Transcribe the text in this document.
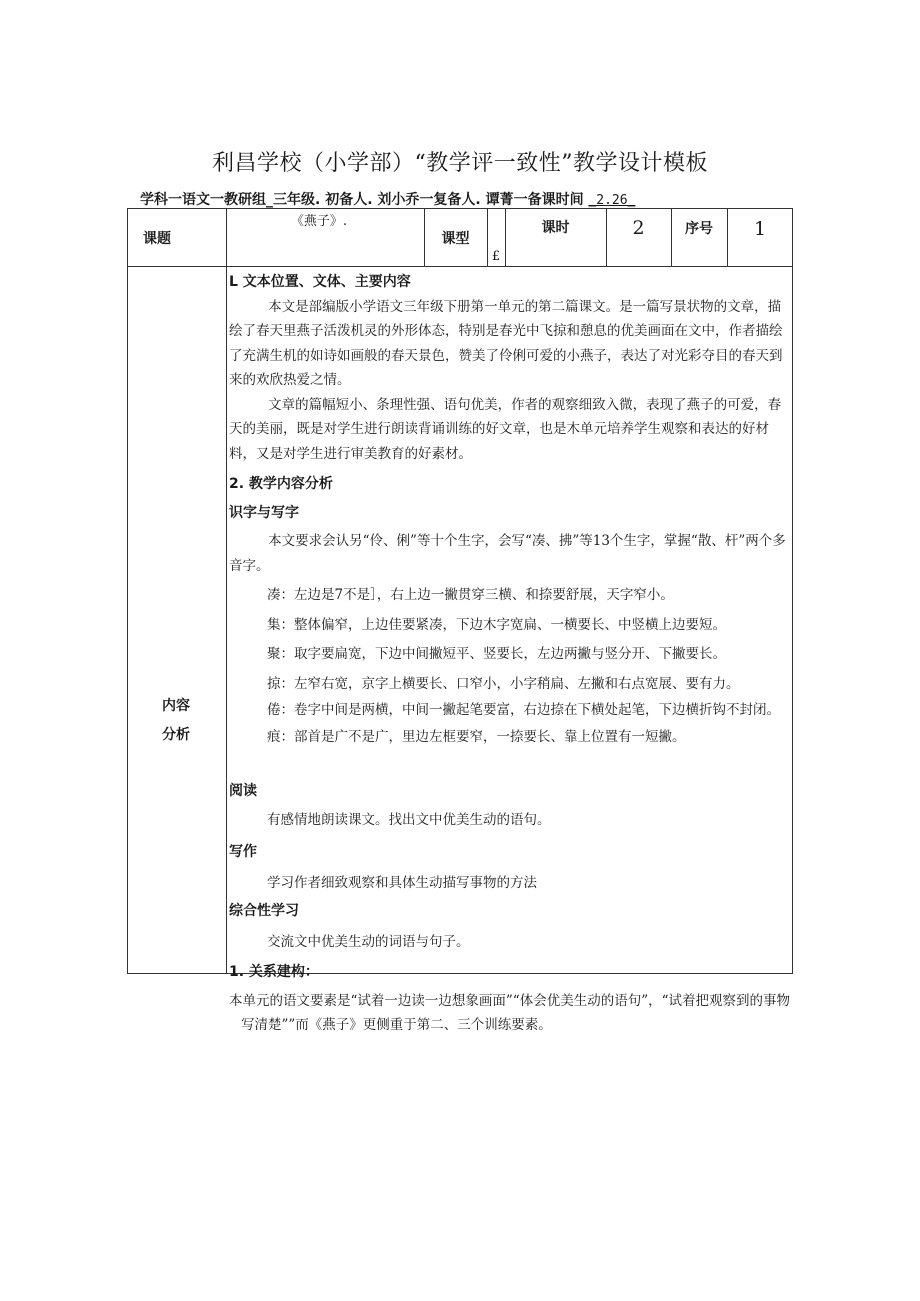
利昌学校（小学部）“教学评一致性”教学设计模板
学科一语文一教研组_三年级. 初备人. 刘小乔一复备人. 谭菁一备课时间 _2.26_
课题
《燕子》.
课型
£
课时	2	序号 1
内容
分析

L 文本位置、文体、主要内容

本文是部编版小学语文三年级下册第一单元的第二篇课文。是一篇写景状物的文章，描绘了春天里燕子活泼机灵的外形体态，特别是春光中飞掠和憩息的优美画面在文中，作者描绘了充满生机的如诗如画般的春天景色，赞美了伶俐可爱的小燕子，表达了对光彩夺目的春天到来的欢欣热爱之情。

文章的篇幅短小、条理性强、语句优美，作者的观察细致入微，表现了燕子的可爱，春天的美丽，既是对学生进行朗读背诵训练的好文章，也是木单元培养学生观察和表达的好材料，又是对学生进行审美教育的好素材。

2. 教学内容分析

识字与写字

本文要求会认另“伶、俐”等十个生字，会写“凑、拂”等13个生字，掌握“散、杆”两个多音字。

凑：左边是7不是］，右上边一撇贯穿三横、和捺要舒展，天字窄小。

集：整体偏窄，上边佳要紧凑，下边木字宽扁、一横要长、中竖横上边要短。

聚：取字要扁宽，下边中间撇短平、竖要长，左边两撇与竖分开、下撇要长。

掠：左窄右宽，京字上横要长、口窄小，小字稍扁、左撇和右点宽展、要有力。

倦：卷字中间是两横，中间一撇起笔要富，右边捺在下横处起笔，下边横折钩不封闭。

痕：部首是广不是广，里边左框要窄，一捺要长、靠上位置有一短撇。

阅读

有感情地朗读课文。找出文中优美生动的语句。

写作

学习作者细致观察和具体生动描写事物的方法

综合性学习

交流文中优美生动的词语与句子。

1. 关系建构：

本单元的语文要素是“试着一边读一边想象画面”“体会优美生动的语句”，“试着把观察到的事物写清楚””而《燕子》更侧重于第二、三个训练要素。
